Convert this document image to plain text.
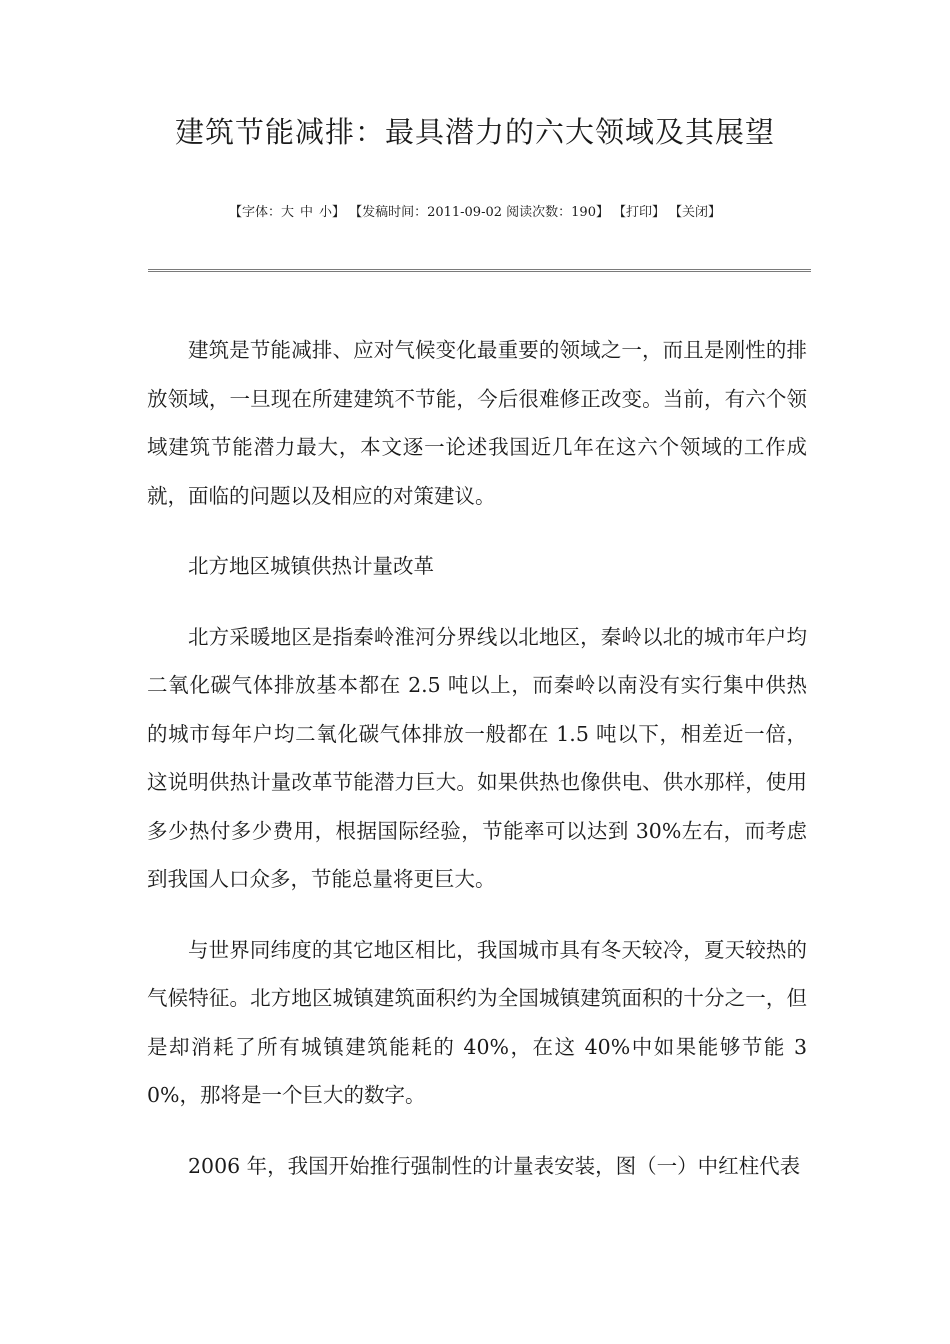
建筑节能减排：最具潜力的六大领域及其展望
【字体：大 中 小】 【发稿时间：2011-09-02 阅读次数：190】 【打印】 【关闭】

建筑是节能减排、应对气候变化最重要的领域之一，而且是刚性的排放领域，一旦现在所建建筑不节能，今后很难修正改变。当前，有六个领域建筑节能潜力最大，本文逐一论述我国近几年在这六个领域的工作成就，面临的问题以及相应的对策建议。

北方地区城镇供热计量改革

北方采暖地区是指秦岭淮河分界线以北地区，秦岭以北的城市年户均二氧化碳气体排放基本都在 2.5 吨以上，而秦岭以南没有实行集中供热的城市每年户均二氧化碳气体排放一般都在 1.5 吨以下，相差近一倍，这说明供热计量改革节能潜力巨大。如果供热也像供电、供水那样，使用多少热付多少费用，根据国际经验，节能率可以达到 30%左右，而考虑到我国人口众多，节能总量将更巨大。

与世界同纬度的其它地区相比，我国城市具有冬天较冷，夏天较热的气候特征。北方地区城镇建筑面积约为全国城镇建筑面积的十分之一，但是却消耗了所有城镇建筑能耗的 40%，在这 40%中如果能够节能 30%，那将是一个巨大的数字。

2006 年，我国开始推行强制性的计量表安装，图（一）中红柱代表
